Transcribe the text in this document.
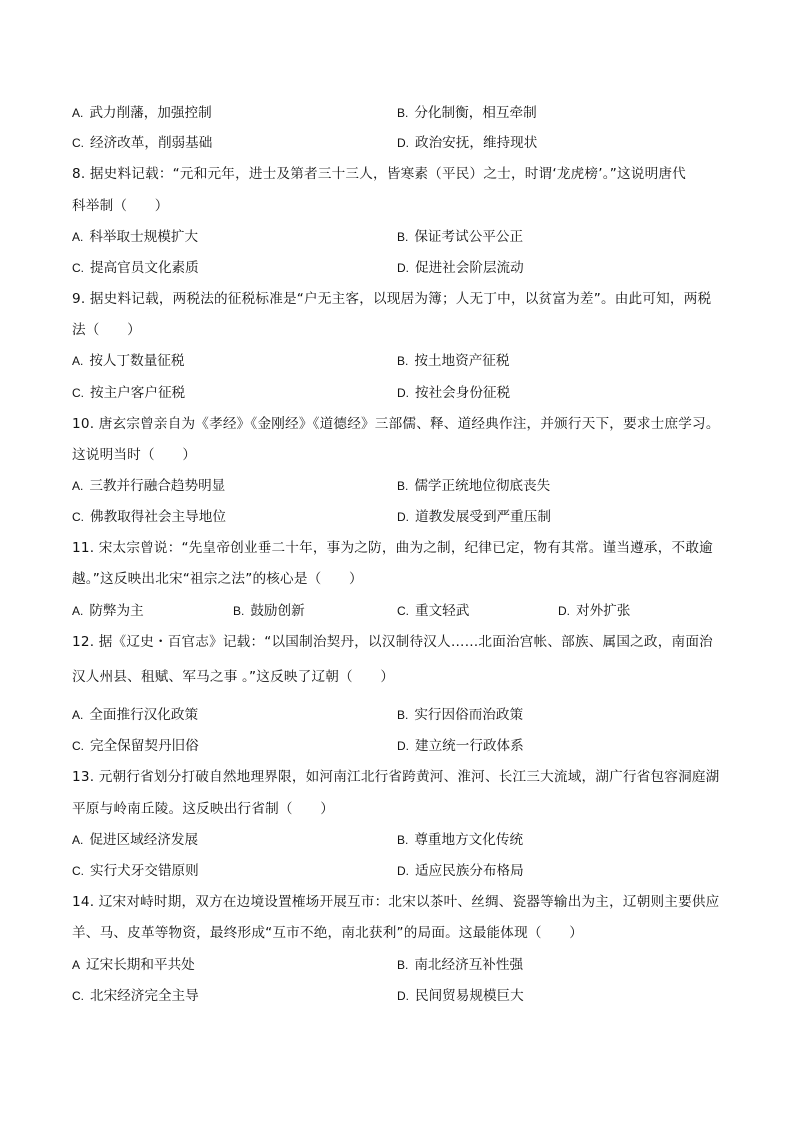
A. 武力削藩，加强控制	B. 分化制衡，相互牵制
C. 经济改革，削弱基础	D. 政治安抚，维持现状
8. 据史料记载：“元和元年，进士及第者三十三人，皆寒素（平民）之士，时谓‘龙虎榜’。”这说明唐代
科举制（　　）
A. 科举取士规模扩大	B. 保证考试公平公正
C. 提高官员文化素质	D. 促进社会阶层流动
9. 据史料记载，两税法的征税标准是“户无主客，以现居为簿；人无丁中，以贫富为差”。由此可知，两税
法（　　）
A. 按人丁数量征税	B. 按土地资产征税
C. 按主户客户征税	D. 按社会身份征税
10. 唐玄宗曾亲自为《孝经》《金刚经》《道德经》三部儒、释、道经典作注，并颁行天下，要求士庶学习。
这说明当时（　　）
A. 三教并行融合趋势明显	B. 儒学正统地位彻底丧失
C. 佛教取得社会主导地位	D. 道教发展受到严重压制
11. 宋太宗曾说：“先皇帝创业垂二十年，事为之防，曲为之制，纪律已定，物有其常。谨当遵承，不敢逾
越。”这反映出北宋“祖宗之法”的核心是（　　）
A. 防弊为主	B. 鼓励创新	C. 重文轻武	D. 对外扩张
12. 据《辽史・百官志》记载：“以国制治契丹，以汉制待汉人……北面治宫帐、部族、属国之政，南面治
汉人州县、租赋、军马之事 。”这反映了辽朝（　　）
A. 全面推行汉化政策	B. 实行因俗而治政策
C. 完全保留契丹旧俗	D. 建立统一行政体系
13. 元朝行省划分打破自然地理界限，如河南江北行省跨黄河、淮河、长江三大流域，湖广行省包容洞庭湖
平原与岭南丘陵。这反映出行省制（　　）
A. 促进区域经济发展	B. 尊重地方文化传统
C. 实行犬牙交错原则	D. 适应民族分布格局
14. 辽宋对峙时期，双方在边境设置榷场开展互市：北宋以茶叶、丝绸、瓷器等输出为主，辽朝则主要供应
羊、马、皮革等物资，最终形成“互市不绝，南北获利”的局面。这最能体现（　　）
A 辽宋长期和平共处	B. 南北经济互补性强
C. 北宋经济完全主导	D. 民间贸易规模巨大
